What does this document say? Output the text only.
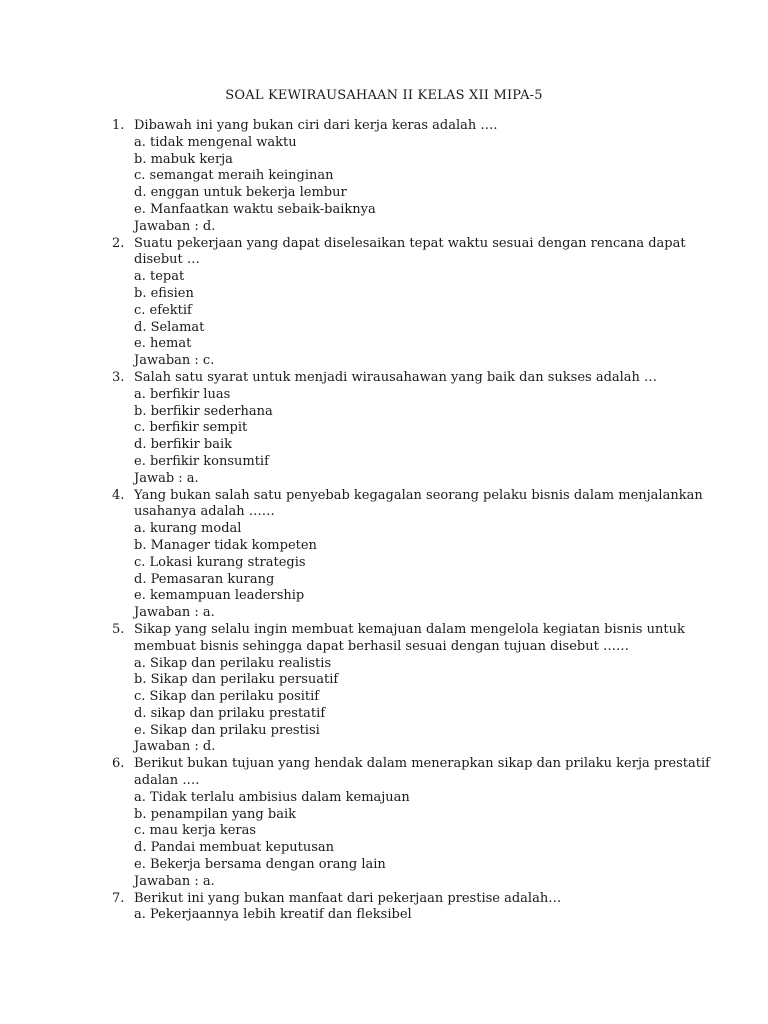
SOAL KEWIRAUSAHAAN II KELAS XII MIPA-5
1. Dibawah ini yang bukan ciri dari kerja keras adalah ….
a. tidak mengenal waktu
b. mabuk kerja
c. semangat meraih keinginan
d. enggan untuk bekerja lembur
e. Manfaatkan waktu sebaik-baiknya
Jawaban : d.
2. Suatu pekerjaan yang dapat diselesaikan tepat waktu sesuai dengan rencana dapat
disebut …
a. tepat
b. efisien
c. efektif
d. Selamat
e. hemat
Jawaban : c.
3. Salah satu syarat untuk menjadi wirausahawan yang baik dan sukses adalah …
a. berfikir luas
b. berfikir sederhana
c. berfikir sempit
d. berfikir baik
e. berfikir konsumtif
Jawab : a.
4. Yang bukan salah satu penyebab kegagalan seorang pelaku bisnis dalam menjalankan
usahanya adalah ……
a. kurang modal
b. Manager tidak kompeten
c. Lokasi kurang strategis
d. Pemasaran kurang
e. kemampuan leadership
Jawaban : a.
5. Sikap yang selalu ingin membuat kemajuan dalam mengelola kegiatan bisnis untuk
membuat bisnis sehingga dapat berhasil sesuai dengan tujuan disebut ……
a. Sikap dan perilaku realistis
b. Sikap dan perilaku persuatif
c. Sikap dan perilaku positif
d. sikap dan prilaku prestatif
e. Sikap dan prilaku prestisi
Jawaban : d.
6. Berikut bukan tujuan yang hendak dalam menerapkan sikap dan prilaku kerja prestatif
adalan ….
a. Tidak terlalu ambisius dalam kemajuan
b. penampilan yang baik
c. mau kerja keras
d. Pandai membuat keputusan
e. Bekerja bersama dengan orang lain
Jawaban : a.
7. Berikut ini yang bukan manfaat dari pekerjaan prestise adalah…
a. Pekerjaannya lebih kreatif dan fleksibel
